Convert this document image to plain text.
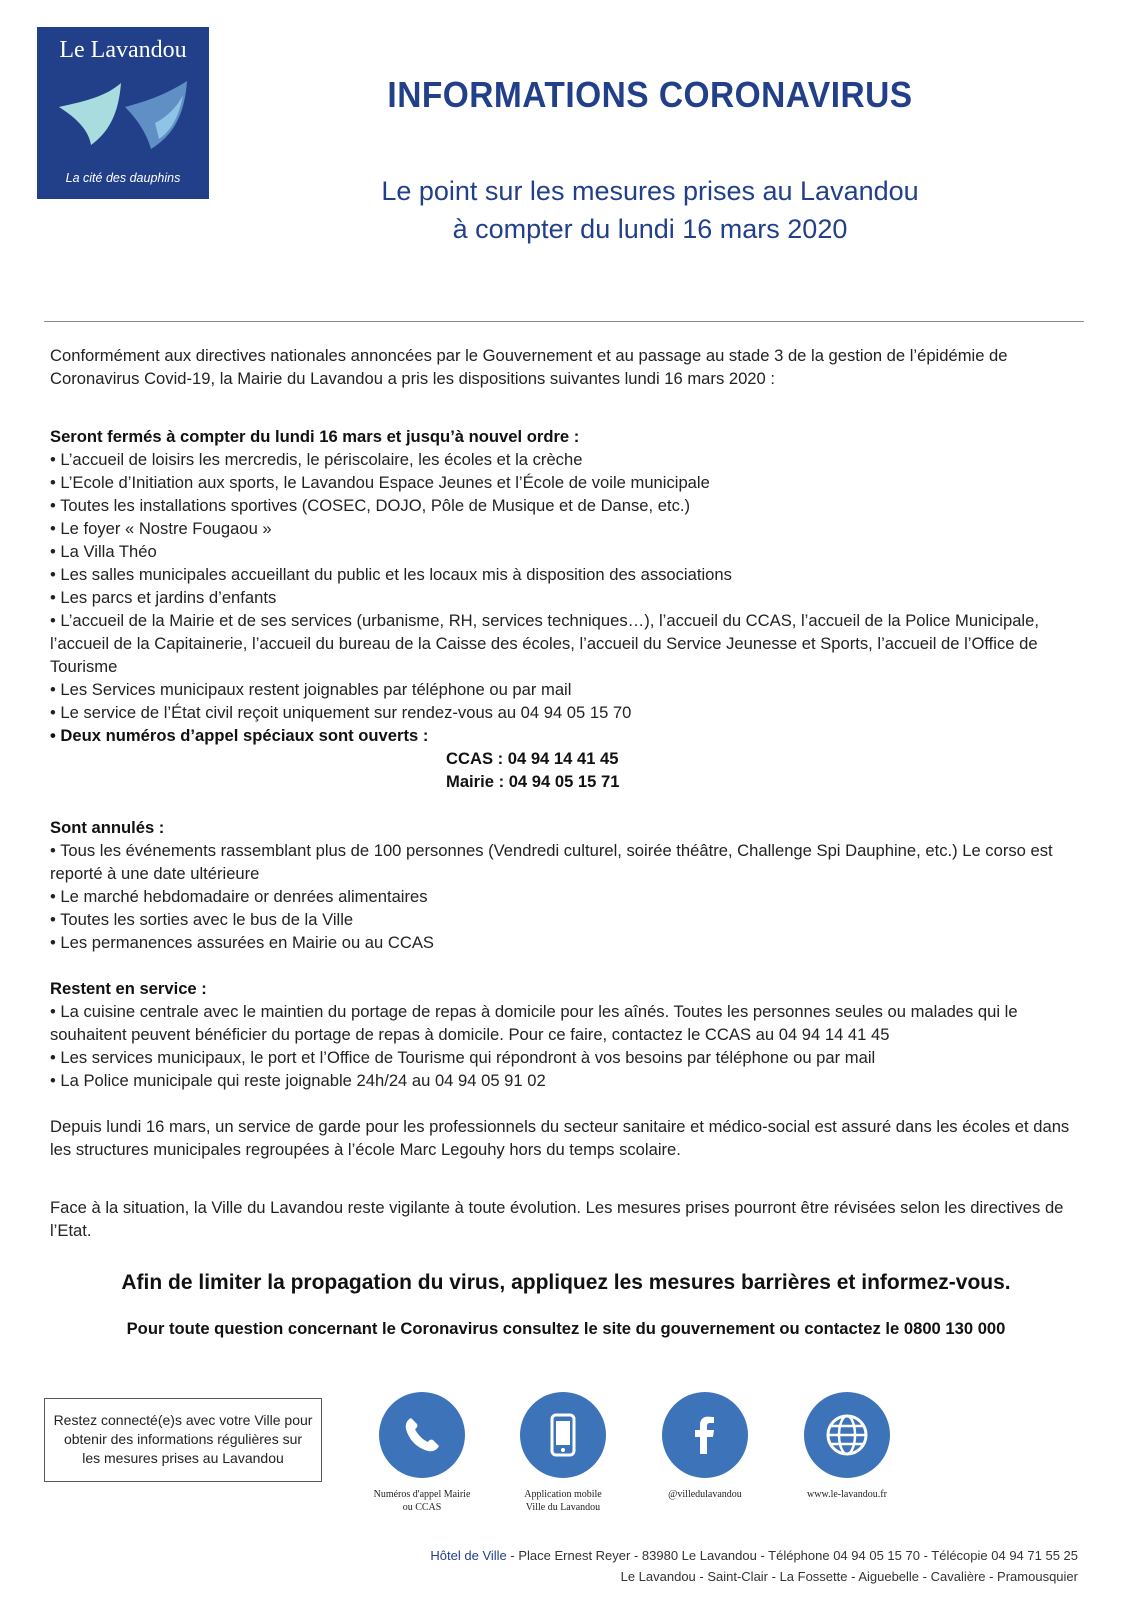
Le Lavandou
La cité des dauphins
INFORMATIONS CORONAVIRUS
Le point sur les mesures prises au Lavandou
à compter du lundi 16 mars 2020

Conformément aux directives nationales annoncées par le Gouvernement et au passage au stade 3 de la gestion de l’épidémie de Coronavirus Covid-19, la Mairie du Lavandou a pris les dispositions suivantes lundi 16 mars 2020 :

Seront fermés à compter du lundi 16 mars et jusqu’à nouvel ordre :

• L’accueil de loisirs les mercredis, le périscolaire, les écoles et la crèche

• L’Ecole d’Initiation aux sports, le Lavandou Espace Jeunes et l’École de voile municipale

• Toutes les installations sportives (COSEC, DOJO, Pôle de Musique et de Danse, etc.)

• Le foyer « Nostre Fougaou »

• La Villa Théo

• Les salles municipales accueillant du public et les locaux mis à disposition des associations

• Les parcs et jardins d’enfants

• L’accueil de la Mairie et de ses services (urbanisme, RH, services techniques…), l’accueil du CCAS, l’accueil de la Police Municipale, l’accueil de la Capitainerie, l’accueil du bureau de la Caisse des écoles, l’accueil du Service Jeunesse et Sports, l’accueil de l’Office de Tourisme

• Les Services municipaux restent joignables par téléphone ou par mail

• Le service de l’État civil reçoit uniquement sur rendez-vous au 04 94 05 15 70

• Deux numéros d’appel spéciaux sont ouverts :

CCAS : 04 94 14 41 45

Mairie : 04 94 05 15 71

Sont annulés :

• Tous les événements rassemblant plus de 100 personnes (Vendredi culturel, soirée théâtre, Challenge Spi Dauphine, etc.) Le corso est reporté à une date ultérieure

• Le marché hebdomadaire or denrées alimentaires

• Toutes les sorties avec le bus de la Ville

• Les permanences assurées en Mairie ou au CCAS

Restent en service :

• La cuisine centrale avec le maintien du portage de repas à domicile pour les aînés. Toutes les personnes seules ou malades qui le souhaitent peuvent bénéficier du portage de repas à domicile. Pour ce faire, contactez le CCAS au 04 94 14 41 45

• Les services municipaux, le port et l’Office de Tourisme qui répondront à vos besoins par téléphone ou par mail

• La Police municipale qui reste joignable 24h/24 au 04 94 05 91 02

Depuis lundi 16 mars, un service de garde pour les professionnels du secteur sanitaire et médico-social est assuré dans les écoles et dans les structures municipales regroupées à l’école Marc Legouhy hors du temps scolaire.

Face à la situation, la Ville du Lavandou reste vigilante à toute évolution. Les mesures prises pourront être révisées selon les directives de l’Etat.

Afin de limiter la propagation du virus, appliquez les mesures barrières et informez-vous.
Pour toute question concernant le Coronavirus consultez le site du gouvernement ou contactez le 0800 130 000
Restez connecté(e)s avec votre Ville pour
obtenir des informations régulières sur
les mesures prises au Lavandou
Numéros d'appel Mairie
ou CCAS
Application mobile
Ville du Lavandou
@villedulavandou	www.le-lavandou.fr
Hôtel de Ville - Place Ernest Reyer - 83980 Le Lavandou - Téléphone 04 94 05 15 70 - Télécopie 04 94 71 55 25
Le Lavandou - Saint-Clair - La Fossette - Aiguebelle - Cavalière - Pramousquier
